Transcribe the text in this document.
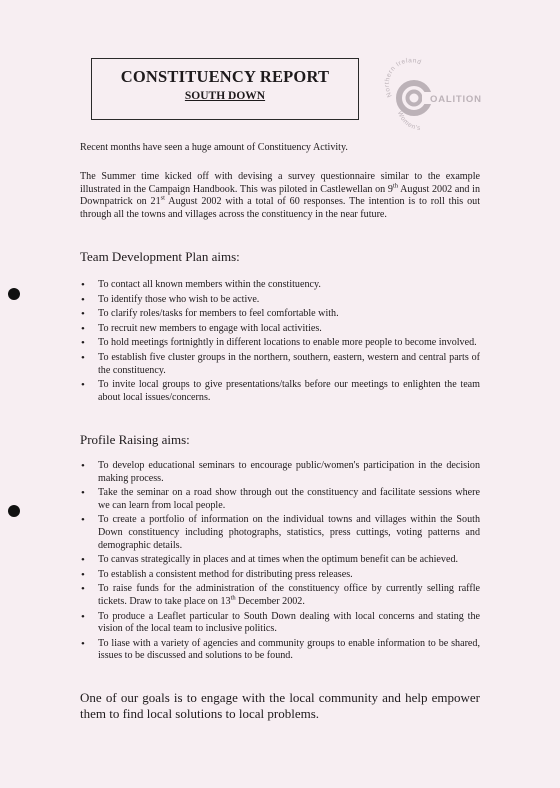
CONSTITUENCY REPORT
SOUTH DOWN	Northern Ireland
OALITION
Women's
Recent months have seen a huge amount of Constituency Activity.
The Summer time kicked off with devising a survey questionnaire similar to the example illustrated in the Campaign Handbook. This was piloted in Castlewellan on 9th August 2002 and in Downpatrick on 21st August 2002 with a total of 60 responses. The intention is to roll this out through all the towns and villages across the constituency in the near future.
Team Development Plan aims:
• To contact all known members within the constituency.
• To identify those who wish to be active.
• To clarify roles/tasks for members to feel comfortable with.
• To recruit new members to engage with local activities.
• To hold meetings fortnightly in different locations to enable more people to become involved.
• To establish five cluster groups in the northern, southern, eastern, western and central parts of the constituency.
• To invite local groups to give presentations/talks before our meetings to enlighten the team about local issues/concerns.
Profile Raising aims:
• To develop educational seminars to encourage public/women's participation in the decision making process.
• Take the seminar on a road show through out the constituency and facilitate sessions where we can learn from local people.
• To create a portfolio of information on the individual towns and villages within the South Down constituency including photographs, statistics, press cuttings, voting patterns and demographic details.
• To canvas strategically in places and at times when the optimum benefit can be achieved.
• To establish a consistent method for distributing press releases.
• To raise funds for the administration of the constituency office by currently selling raffle tickets. Draw to take place on 13th December 2002.
• To produce a Leaflet particular to South Down dealing with local concerns and stating the vision of the local team to inclusive politics.
• To liase with a variety of agencies and community groups to enable information to be shared, issues to be discussed and solutions to be found.
One of our goals is to engage with the local community and help empower them to find local solutions to local problems.
